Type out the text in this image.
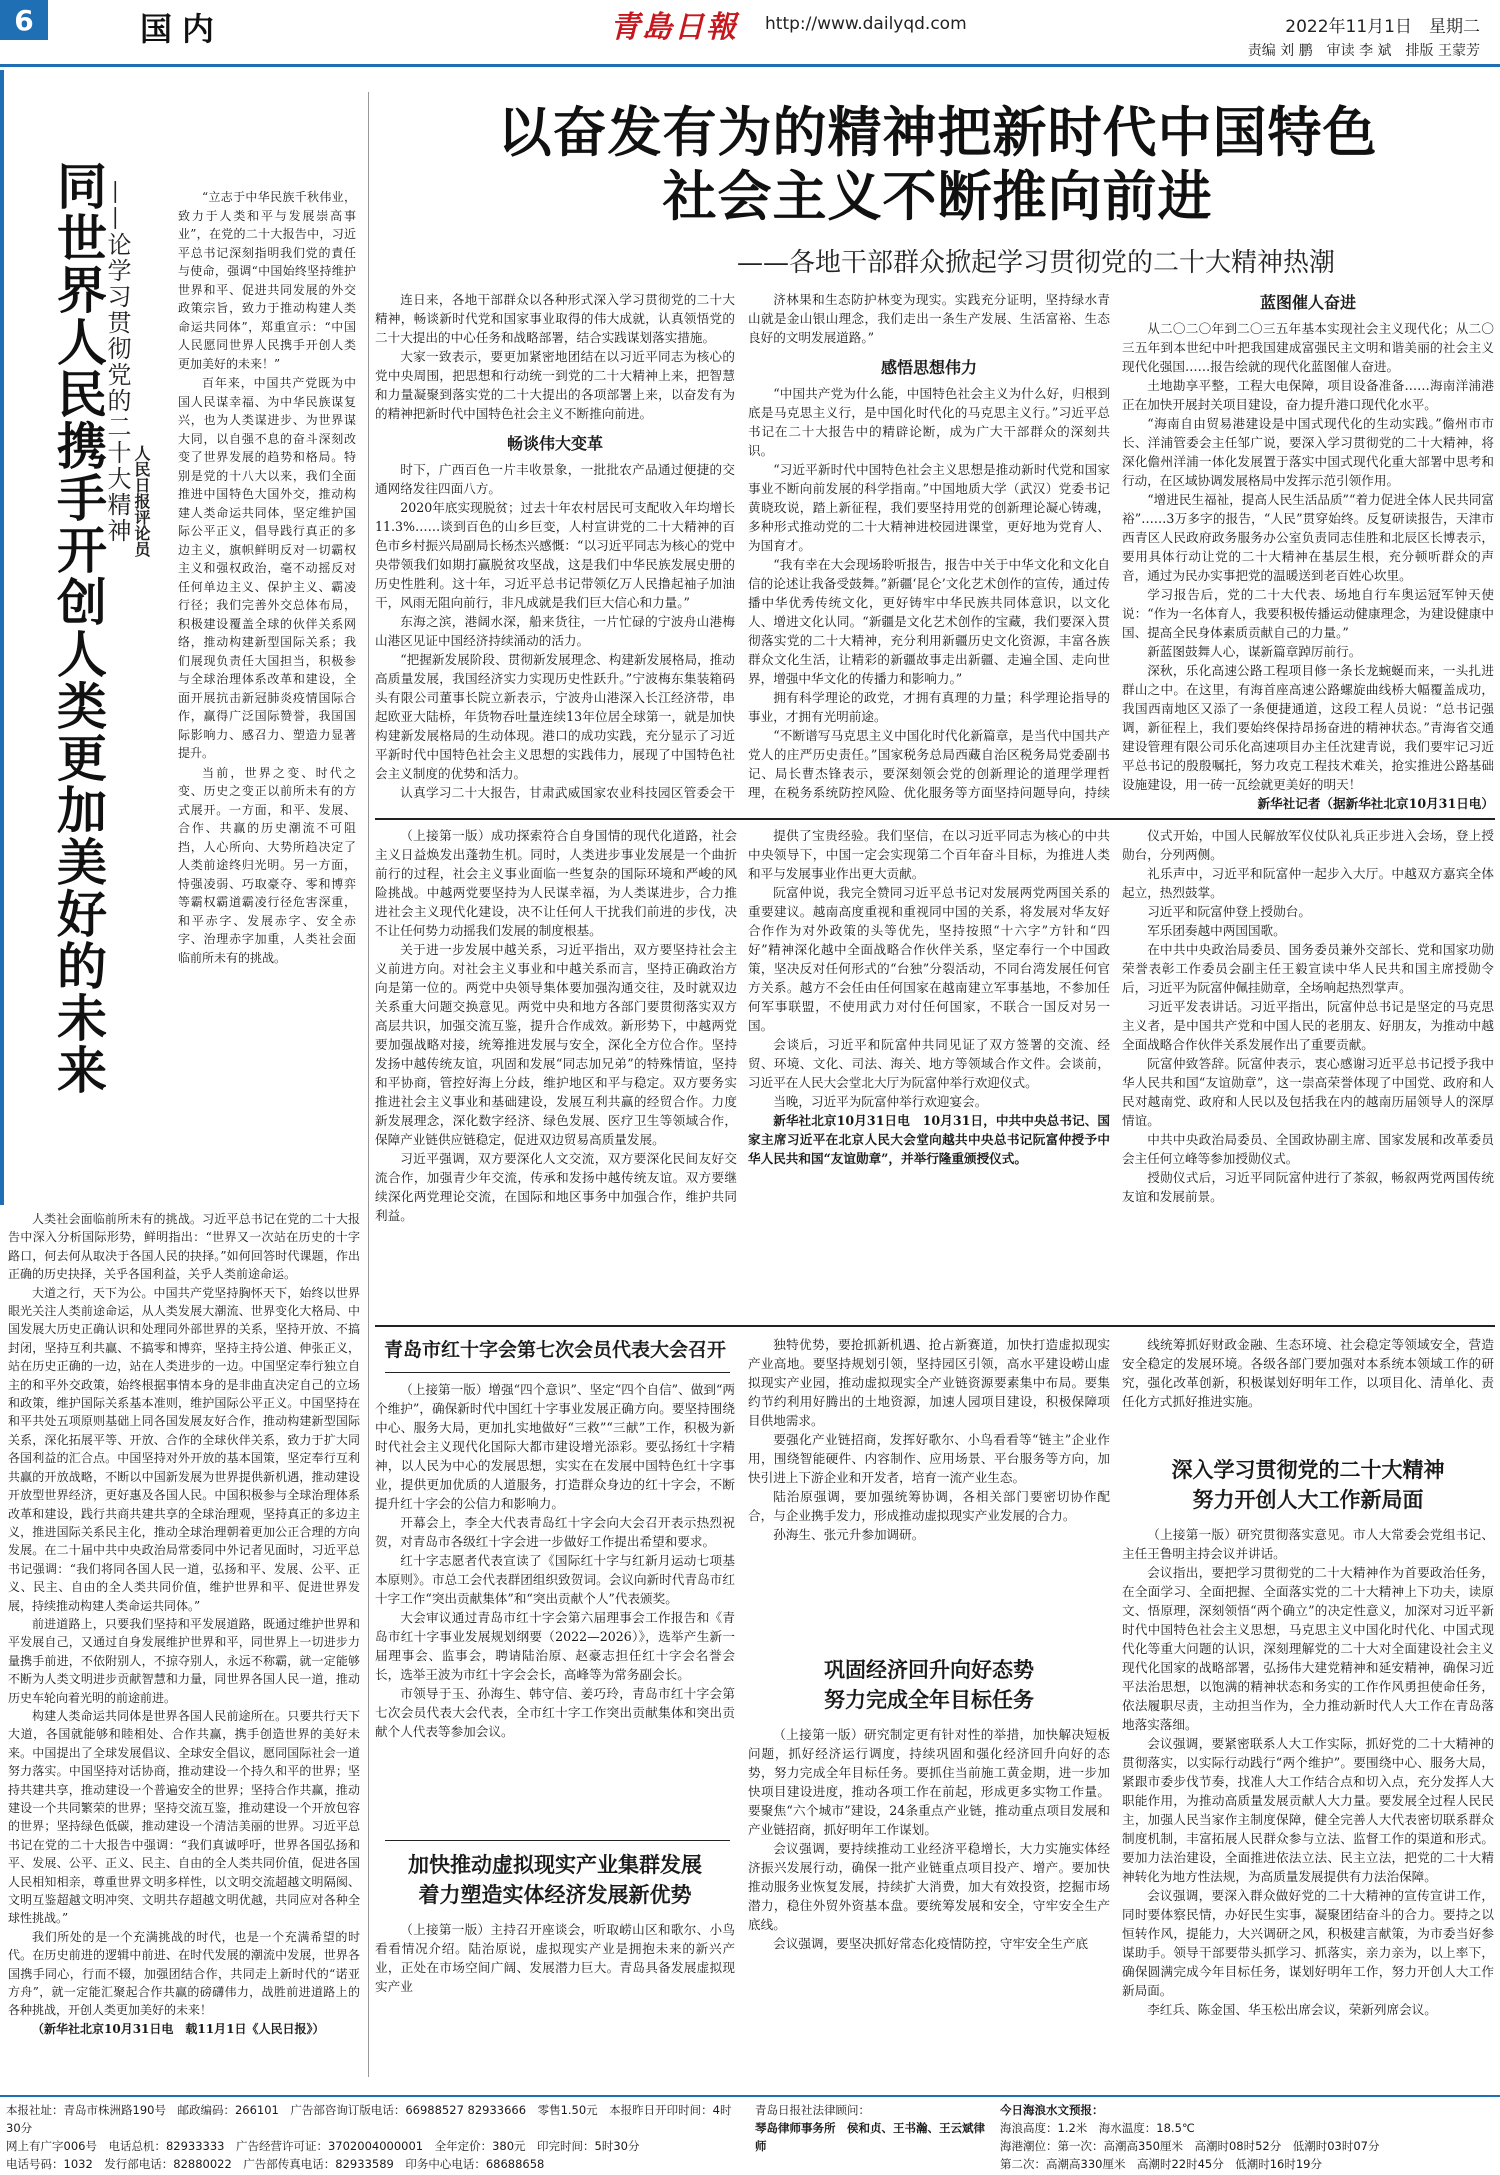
6	国内	青島日報 http://www.dailyqd.com	2022年11月1日　星期二
责编 刘 鹏　审读 李 斌　排版 王蒙芳
同世界人民携手开创人类更加美好的未来
——论学习贯彻党的二十大精神 人民日报评论员

“立志于中华民族千秋伟业，致力于人类和平与发展崇高事业”，在党的二十大报告中，习近平总书记深刻指明我们党的責任与使命，强调“中国始终坚持维护世界和平、促进共同发展的外交政策宗旨，致力于推动构建人类命运共同体”，郑重宣示：“中国人民愿同世界人民携手开创人类更加美好的未来！”

百年来，中国共产党既为中国人民谋幸福、为中华民族谋复兴，也为人类谋进步、为世界谋大同，以自强不息的奋斗深刻改变了世界发展的趋势和格局。特别是党的十八大以来，我们全面推进中国特色大国外交，推动构建人类命运共同体，坚定维护国际公平正义，倡导践行真正的多边主义，旗帜鲜明反对一切霸权主义和强权政治，毫不动摇反对任何单边主义、保护主义、霸凌行径；我们完善外交总体布局，积极建设覆盖全球的伙伴关系网络，推动构建新型国际关系；我们展现负责任大国担当，积极参与全球治理体系改革和建设，全面开展抗击新冠肺炎疫情国际合作，赢得广泛国际赞誉，我国国际影响力、感召力、塑造力显著提升。

当前，世界之变、时代之变、历史之变正以前所未有的方式展开。一方面，和平、发展、合作、共赢的历史潮流不可阻挡，人心所向、大势所趋决定了人类前途终归光明。另一方面，恃强凌弱、巧取豪夺、零和博弈等霸权霸道霸凌行径危害深重，和平赤字、发展赤字、安全赤字、治理赤字加重，人类社会面临前所未有的挑战。

人类社会面临前所未有的挑战。习近平总书记在党的二十大报告中深入分析国际形势，鲜明指出：“世界又一次站在历史的十字路口，何去何从取决于各国人民的抉择。”如何回答时代课题，作出正确的历史抉择，关乎各国利益，关乎人类前途命运。

大道之行，天下为公。中国共产党坚持胸怀天下，始终以世界眼光关注人类前途命运，从人类发展大潮流、世界变化大格局、中国发展大历史正确认识和处理同外部世界的关系，坚持开放、不搞封闭，坚持互利共赢、不搞零和博弈，坚持主持公道、伸张正义，站在历史正确的一边，站在人类进步的一边。中国坚定奉行独立自主的和平外交政策，始终根据事情本身的是非曲直决定自己的立场和政策，维护国际关系基本准则，维护国际公平正义。中国坚持在和平共处五项原则基础上同各国发展友好合作，推动构建新型国际关系，深化拓展平等、开放、合作的全球伙伴关系，致力于扩大同各国利益的汇合点。中国坚持对外开放的基本国策，坚定奉行互利共赢的开放战略，不断以中国新发展为世界提供新机遇，推动建设开放型世界经济，更好惠及各国人民。中国积极参与全球治理体系改革和建设，践行共商共建共享的全球治理观，坚持真正的多边主义，推进国际关系民主化，推动全球治理朝着更加公正合理的方向发展。在二十届中共中央政治局常委同中外记者见面时，习近平总书记强调：“我们将同各国人民一道，弘扬和平、发展、公平、正义、民主、自由的全人类共同价值，维护世界和平、促进世界发展，持续推动构建人类命运共同体。”

前进道路上，只要我们坚持和平发展道路，既通过维护世界和平发展自己，又通过自身发展维护世界和平，同世界上一切进步力量携手前进，不依附别人，不掠夺别人，永远不称霸，就一定能够不断为人类文明进步贡献智慧和力量，同世界各国人民一道，推动历史车轮向着光明的前途前进。

构建人类命运共同体是世界各国人民前途所在。只要共行天下大道，各国就能够和睦相处、合作共赢，携手创造世界的美好未来。中国提出了全球发展倡议、全球安全倡议，愿同国际社会一道努力落实。中国坚持对话协商，推动建设一个持久和平的世界；坚持共建共享，推动建设一个普遍安全的世界；坚持合作共赢，推动建设一个共同繁荣的世界；坚持交流互鉴，推动建设一个开放包容的世界；坚持绿色低碳，推动建设一个清洁美丽的世界。习近平总书记在党的二十大报告中强调：“我们真诚呼吁，世界各国弘扬和平、发展、公平、正义、民主、自由的全人类共同价值，促进各国人民相知相亲，尊重世界文明多样性，以文明交流超越文明隔阂、文明互鉴超越文明冲突、文明共存超越文明优越，共同应对各种全球性挑战。”

我们所处的是一个充满挑战的时代，也是一个充满希望的时代。在历史前进的逻辑中前进、在时代发展的潮流中发展，世界各国携手同心，行而不辍，加强团结合作，共同走上新时代的“诺亚方舟”，就一定能汇聚起合作共赢的磅礴伟力，战胜前进道路上的各种挑战，开创人类更加美好的未来！

（新华社北京10月31日电　载11月1日《人民日报》）

以奋发有为的精神把新时代中国特色
社会主义不断推向前进
——各地干部群众掀起学习贯彻党的二十大精神热潮

连日来，各地干部群众以各种形式深入学习贯彻党的二十大精神，畅谈新时代党和国家事业取得的伟大成就，认真领悟党的二十大提出的中心任务和战略部署，结合实践谋划落实措施。

大家一致表示，要更加紧密地团结在以习近平同志为核心的党中央周围，把思想和行动统一到党的二十大精神上来，把智慧和力量凝聚到落实党的二十大提出的各项部署上来，以奋发有为的精神把新时代中国特色社会主义不断推向前进。

畅谈伟大变革

时下，广西百色一片丰收景象，一批批农产品通过便捷的交通网络发往四面八方。

2020年底实现脱贫；过去十年农村居民可支配收入年均增长11.3%……谈到百色的山乡巨变，人村宣讲党的二十大精神的百色市乡村振兴局副局长杨杰兴感慨：“以习近平同志为核心的党中央带领我们如期打赢脱贫攻坚战，这是我们中华民族发展史册的历史性胜利。这十年，习近平总书记带领亿万人民撸起袖子加油干，风雨无阻向前行，非凡成就是我们巨大信心和力量。”

东海之滨，港阔水深，船来货往，一片忙碌的宁波舟山港梅山港区见证中国经济持续涌动的活力。

“把握新发展阶段、贯彻新发展理念、构建新发展格局，推动高质量发展，我国经济实力实现历史性跃升。”宁波梅东集装箱码头有限公司董事长院立新表示，宁波舟山港深入长江经济带，串起欧亚大陆桥，年货物吞吐量连续13年位居全球第一，就是加快构建新发展格局的生动体现。港口的成功实践，充分显示了习近平新时代中国特色社会主义思想的实践伟力，展现了中国特色社会主义制度的优势和活力。

认真学习二十大报告，甘肃武威国家农业科技园区管委会干

济林果和生态防护林变为现实。实践充分证明，坚持绿水青山就是金山银山理念，我们走出一条生产发展、生活富裕、生态良好的文明发展道路。”

感悟思想伟力

“中国共产党为什么能，中国特色社会主义为什么好，归根到底是马克思主义行，是中国化时代化的马克思主义行。”习近平总书记在二十大报告中的精辟论断，成为广大干部群众的深刻共识。

“习近平新时代中国特色社会主义思想是推动新时代党和国家事业不断向前发展的科学指南。”中国地质大学（武汉）党委书记黄晓玫说，踏上新征程，我们要坚持用党的创新理论凝心铸魂，多种形式推动党的二十大精神进校园进课堂，更好地为党育人、为国育才。

“我有幸在大会现场聆听报告，报告中关于中华文化和文化自信的论述让我备受鼓舞。”新疆‘昆仑’文化艺术创作的宣传，通过传播中华优秀传统文化，更好铸牢中华民族共同体意识，以文化人、增进文化认同。“新疆是文化艺术创作的宝藏，我们要深入贯彻落实党的二十大精神，充分利用新疆历史文化资源，丰富各族群众文化生活，让精彩的新疆故事走出新疆、走遍全国、走向世界，增强中华文化的传播力和影响力。”

拥有科学理论的政党，才拥有真理的力量；科学理论指导的事业，才拥有光明前途。

“不断谱写马克思主义中国化时代化新篇章，是当代中国共产党人的庄严历史责任。”国家税务总局西藏自治区税务局党委副书记、局长曹杰锋表示，要深刻领会党的创新理论的道理学理哲理，在税务系统防控风险、优化服务等方面坚持问题导向，持续

蓝图催人奋进

从二〇二〇年到二〇三五年基本实现社会主义现代化；从二〇三五年到本世纪中叶把我国建成富强民主文明和谐美丽的社会主义现代化强国……报告绘就的现代化蓝图催人奋进。

土地勘享平整，工程大电保障，项目设备准备……海南洋浦港正在加快开展封关项目建设，奋力提升港口现代化水平。

“海南自由贸易港建设是中国式现代化的生动实践。”儋州市市长、洋浦管委会主任邹广说，要深入学习贯彻党的二十大精神，将深化儋州洋浦一体化发展置于落实中国式现代化重大部署中思考和行动，在区域协调发展格局中发挥示范引领作用。

“增进民生福祉，提高人民生活品质”“着力促进全体人民共同富裕”……3万多字的报告，“人民”贯穿始终。反复研读报告，天津市西青区人民政府政务服务办公室负责同志佳胜和北辰区长博表示，要用具体行动让党的二十大精神在基层生根，充分顿听群众的声音，通过为民办实事把党的温暖送到老百姓心坎里。

学习报告后，党的二十大代表、场地自行车奥运冠军钟天使说：“作为一名体育人，我要积极传播运动健康理念，为建设健康中国、提高全民身体素质贡献自己的力量。”

新蓝图鼓舞人心，谋新篇章踔厉前行。

深秋，乐化高速公路工程项目修一条长龙蜿蜒而来，一头扎进群山之中。在这里，有海首座高速公路螺旋曲线桥大幅覆盖成功，我国西南地区又添了一条便捷通道，这段工程人员说：“总书记强调，新征程上，我们要始终保持昂扬奋进的精神状态。”青海省交通建设管理有限公司乐化高速项目办主任沈建青说，我们要牢记习近平总书记的殷殷嘱托，努力攻克工程技术难关，抢实推进公路基础设施建设，用一砖一瓦绘就更美好的明天！

新华社记者（据新华社北京10月31日电）

（上接第一版）成功探索符合自身国情的现代化道路，社会主义日益焕发出蓬勃生机。同时，人类进步事业发展是一个曲折前行的过程，社会主义事业面临一些复杂的国际环境和严峻的风险挑战。中越两党要坚持为人民谋幸福，为人类谋进步，合力推进社会主义现代化建设，决不让任何人干扰我们前进的步伐，决不让任何势力动摇我们发展的制度根基。

关于进一步发展中越关系，习近平指出，双方要坚持社会主义前进方向。对社会主义事业和中越关系而言，坚持正确政治方向是第一位的。两党中央领导集体要加强沟通交往，及时就双边关系重大问题交换意见。两党中央和地方各部门要贯彻落实双方高层共识，加强交流互鉴，提升合作成效。新形势下，中越两党要加强战略对接，统筹推进发展与安全，深化全方位合作。坚持发扬中越传统友谊，巩固和发展“同志加兄弟”的特殊情谊，坚持和平协商，管控好海上分歧，维护地区和平与稳定。双方要务实推进社会主义事业和基础建设，发展互利共赢的经贸合作。力度新发展理念，深化数字经济、绿色发展、医疗卫生等领域合作，保障产业链供应链稳定，促进双边贸易高质量发展。

习近平强调，双方要深化人文交流，双方要深化民间友好交流合作，加强青少年交流，传承和发扬中越传统友谊。双方要继续深化两党理论交流，在国际和地区事务中加强合作，维护共同利益。

提供了宝贵经验。我们坚信，在以习近平同志为核心的中共中央领导下，中国一定会实现第二个百年奋斗目标，为推进人类和平与发展事业作出更大贡献。

阮富仲说，我完全赞同习近平总书记对发展两党两国关系的重要建议。越南高度重视和重视同中国的关系，将发展对华友好合作作为对外政策的头等优先，坚持按照“十六字”方针和“四好”精神深化越中全面战略合作伙伴关系，坚定奉行一个中国政策，坚决反对任何形式的“台独”分裂活动，不同台湾发展任何官方关系。越方不会任由任何国家在越南建立军事基地，不参加任何军事联盟，不使用武力对付任何国家，不联合一国反对另一国。

会谈后，习近平和阮富仲共同见证了双方签署的交流、经贸、环境、文化、司法、海关、地方等领域合作文件。会谈前，习近平在人民大会堂北大厅为阮富仲举行欢迎仪式。

当晚，习近平为阮富仲举行欢迎宴会。

新华社北京10月31日电　10月31日，中共中央总书记、国家主席习近平在北京人民大会堂向越共中央总书记阮富仲授予中华人民共和国“友谊勋章”，并举行隆重颁授仪式。

仪式开始，中国人民解放军仪仗队礼兵正步进入会场，登上授勋台，分列两侧。

礼乐声中，习近平和阮富仲一起步入大厅。中越双方嘉宾全体起立，热烈鼓掌。

习近平和阮富仲登上授勋台。

军乐团奏越中两国国歌。

在中共中央政治局委员、国务委员兼外交部长、党和国家功勋荣誉表彰工作委员会副主任王毅宣读中华人民共和国主席授勋令后，习近平为阮富仲佩挂勋章，全场响起热烈掌声。

习近平发表讲话。习近平指出，阮富仲总书记是坚定的马克思主义者，是中国共产党和中国人民的老朋友、好朋友，为推动中越全面战略合作伙伴关系发展作出了重要贡献。

阮富仲致答辞。阮富仲表示，衷心感谢习近平总书记授予我中华人民共和国“友谊勋章”，这一崇高荣誉体现了中国党、政府和人民对越南党、政府和人民以及包括我在内的越南历届领导人的深厚情谊。

中共中央政治局委员、全国政协副主席、国家发展和改革委员会主任何立峰等参加授勋仪式。

授勋仪式后，习近平同阮富仲进行了茶叙，畅叙两党两国传统友谊和发展前景。

青岛市红十字会第七次会员代表大会召开

（上接第一版）增强“四个意识”、坚定“四个自信”、做到“两个维护”，确保新时代中国红十字事业发展正确方向。要坚持围绕中心、服务大局，更加扎实地做好“三救”“三献”工作，积极为新时代社会主义现代化国际大都市建设增光添彩。要弘扬红十字精神，以人民为中心的发展思想，实实在在发展中国特色红十字事业，提供更加优质的人道服务，打造群众身边的红十字会，不断提升红十字会的公信力和影响力。

开幕会上，李全大代表青岛红十字会向大会召开表示热烈祝贺，对青岛市各级红十字会进一步做好工作提出希望和要求。

红十字志愿者代表宣读了《国际红十字与红新月运动七项基本原则》。市总工会代表群团组织致贺词。会议向新时代青岛市红十字工作“突出贡献集体”和“突出贡献个人”代表颁奖。

大会审议通过青岛市红十字会第六届理事会工作报告和《青岛市红十字事业发展规划纲要（2022—2026）》，选举产生新一届理事会、监事会，聘请陆治原、赵豪志担任红十字会名誉会长，选举王波为市红十字会会长，高峰等为常务副会长。

市领导于玉、孙海生、韩守信、姜巧玲，青岛市红十字会第七次会员代表大会代表，全市红十字工作突出贡献集体和突出贡献个人代表等参加会议。

独特优势，要抢抓新机遇、抢占新赛道，加快打造虚拟现实产业高地。要坚持规划引领，坚持园区引领，高水平建设崂山虚拟现实产业园，推动虚拟现实全产业链资源要素集中布局。要集约节约利用好腾出的土地资源，加速人园项目建设，积极保障项目供地需求。

要强化产业链招商，发挥好歌尔、小鸟看看等“链主”企业作用，围绕智能硬件、内容制作、应用场景、平台服务等方向，加快引进上下游企业和开发者，培育一流产业生态。

陆治原强调，要加强统筹协调，各相关部门要密切协作配合，与企业携手发力，形成推动虚拟现实产业发展的合力。

孙海生、张元升参加调研。

巩固经济回升向好态势
努力完成全年目标任务

（上接第一版）研究制定更有针对性的举措，加快解决短板问题，抓好经济运行调度，持续巩固和强化经济回升向好的态势，努力完成全年目标任务。要抓住当前施工黄金期，进一步加快项目建设进度，推动各项工作在前起，形成更多实物工作量。要聚焦“六个城市”建设，24条重点产业链，推动重点项目发展和产业链招商，抓好明年工作谋划。

会议强调，要持续推动工业经济平稳增长，大力实施实体经济振兴发展行动，确保一批产业链重点项目投产、增产。要加快推动服务业恢复发展，持续扩大消费，加大有效投资，挖掘市场潜力，稳住外贸外资基本盘。要统筹发展和安全，守牢安全生产底线。

会议强调，要坚决抓好常态化疫情防控，守牢安全生产底

加快推动虚拟现实产业集群发展
着力塑造实体经济发展新优势

（上接第一版）主持召开座谈会，听取崂山区和歌尔、小鸟看看情况介绍。陆治原说，虚拟现实产业是拥抱未来的新兴产业，正处在市场空间广阔、发展潜力巨大。青岛具备发展虚拟现实产业

线统筹抓好财政金融、生态环境、社会稳定等领域安全，营造安全稳定的发展环境。各级各部门要加强对本系统本领域工作的研究，强化改革创新，积极谋划好明年工作，以项目化、清单化、责任化方式抓好推进实施。

深入学习贯彻党的二十大精神
努力开创人大工作新局面

（上接第一版）研究贯彻落实意见。市人大常委会党组书记、主任王鲁明主持会议并讲话。

会议指出，要把学习贯彻党的二十大精神作为首要政治任务，在全面学习、全面把握、全面落实党的二十大精神上下功夫，读原文、悟原理，深刻领悟“两个确立”的决定性意义，加深对习近平新时代中国特色社会主义思想，马克思主义中国化时代化、中国式现代化等重大问题的认识，深刻理解党的二十大对全面建设社会主义现代化国家的战略部署，弘扬伟大建党精神和延安精神，确保习近平法治思想，以饱满的精神状态和务实的工作作风勇担使命任务，依法履职尽责，主动担当作为，全力推动新时代人大工作在青岛落地落实落细。

会议强调，要紧密联系人大工作实际，抓好党的二十大精神的贯彻落实，以实际行动践行“两个维护”。要围绕中心、服务大局，紧跟市委步伐节奏，找准人大工作结合点和切入点，充分发挥人大职能作用，为推动高质量发展贡献人大力量。要发展全过程人民民主，加强人民当家作主制度保障，健全完善人大代表密切联系群众制度机制，丰富拓展人民群众参与立法、监督工作的渠道和形式。要加力法治建设，全面推进依法立法、民主立法，把党的二十大精神转化为地方性法规，为高质量发展提供有力法治保障。

会议强调，要深入群众做好党的二十大精神的宣传宣讲工作，同时要体察民情，办好民生实事，凝聚团结奋斗的合力。要持之以恒转作风，提能力，大兴调研之风，积极建言献策，为市委当好参谋助手。领导干部要带头抓学习、抓落实，亲力亲为，以上率下，确保圆满完成今年目标任务，谋划好明年工作，努力开创人大工作新局面。

李红兵、陈金国、华玉松出席会议，荣新列席会议。

本报社址：青岛市株洲路190号　邮政编码：266101　广告部咨询订版电话：66988527 82933666　零售1.50元　本报昨日开印时间：4时30分
网上有广字006号　电话总机：82933333　广告经营许可证：3702004000001　全年定价：380元　印完时间：5时30分
电话号码：1032　发行部电话：82880022　广告部传真电话：82933589　印务中心电话：68688658
青岛日报社法律顾问：
琴岛律师事务所　侯和贞、王书瀚、王云斌律师
今日海浪水文预报：
海浪高度：1.2米　海水温度：18.5℃
海港潮位：第一次：高潮高350厘米　高潮时08时52分　低潮时03时07分
第二次：高潮高330厘米　高潮时22时45分　低潮时16时19分
